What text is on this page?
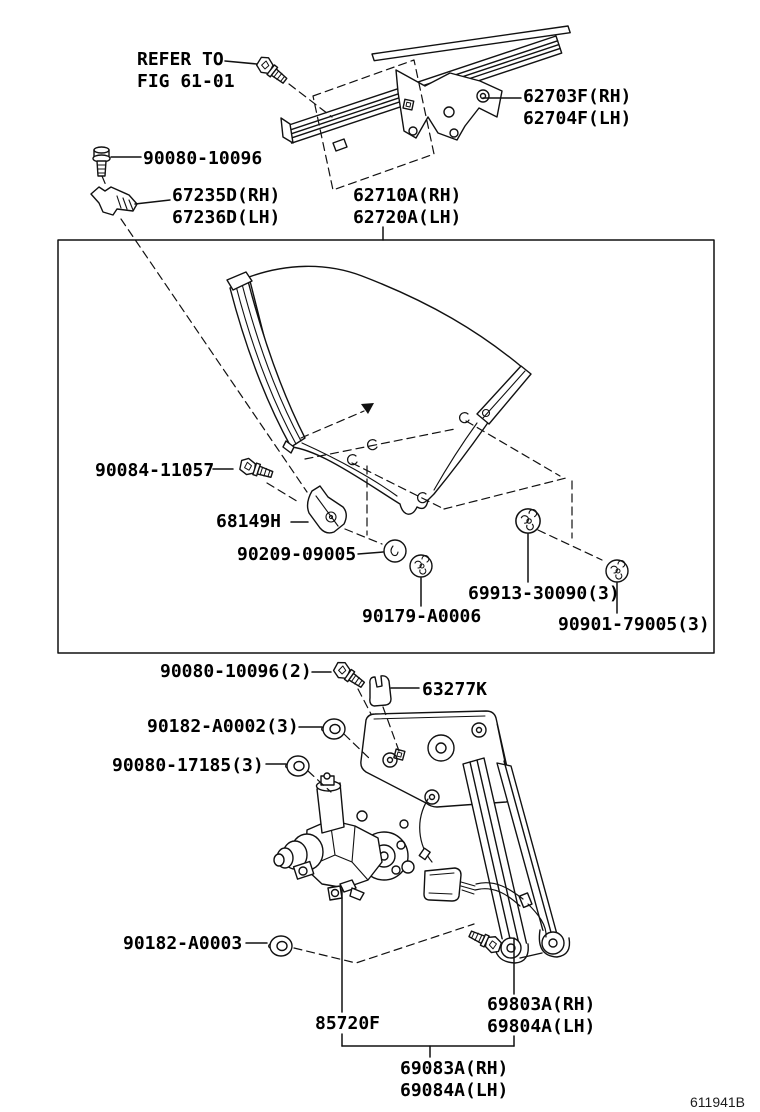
REFER TO
FIG 61-01
62703F(RH)
62704F(LH)
90080-10096
67235D(RH)
67236D(LH)
62710A(RH)
62720A(LH)
90084-11057
68149H
90209-09005
90179-A0006
69913-30090(3)
90901-79005(3)
90080-10096(2)
63277K
90182-A0002(3)
90080-17185(3)
90182-A0003
85720F
69803A(RH)
69804A(LH)
69083A(RH)
69084A(LH)
611941B
